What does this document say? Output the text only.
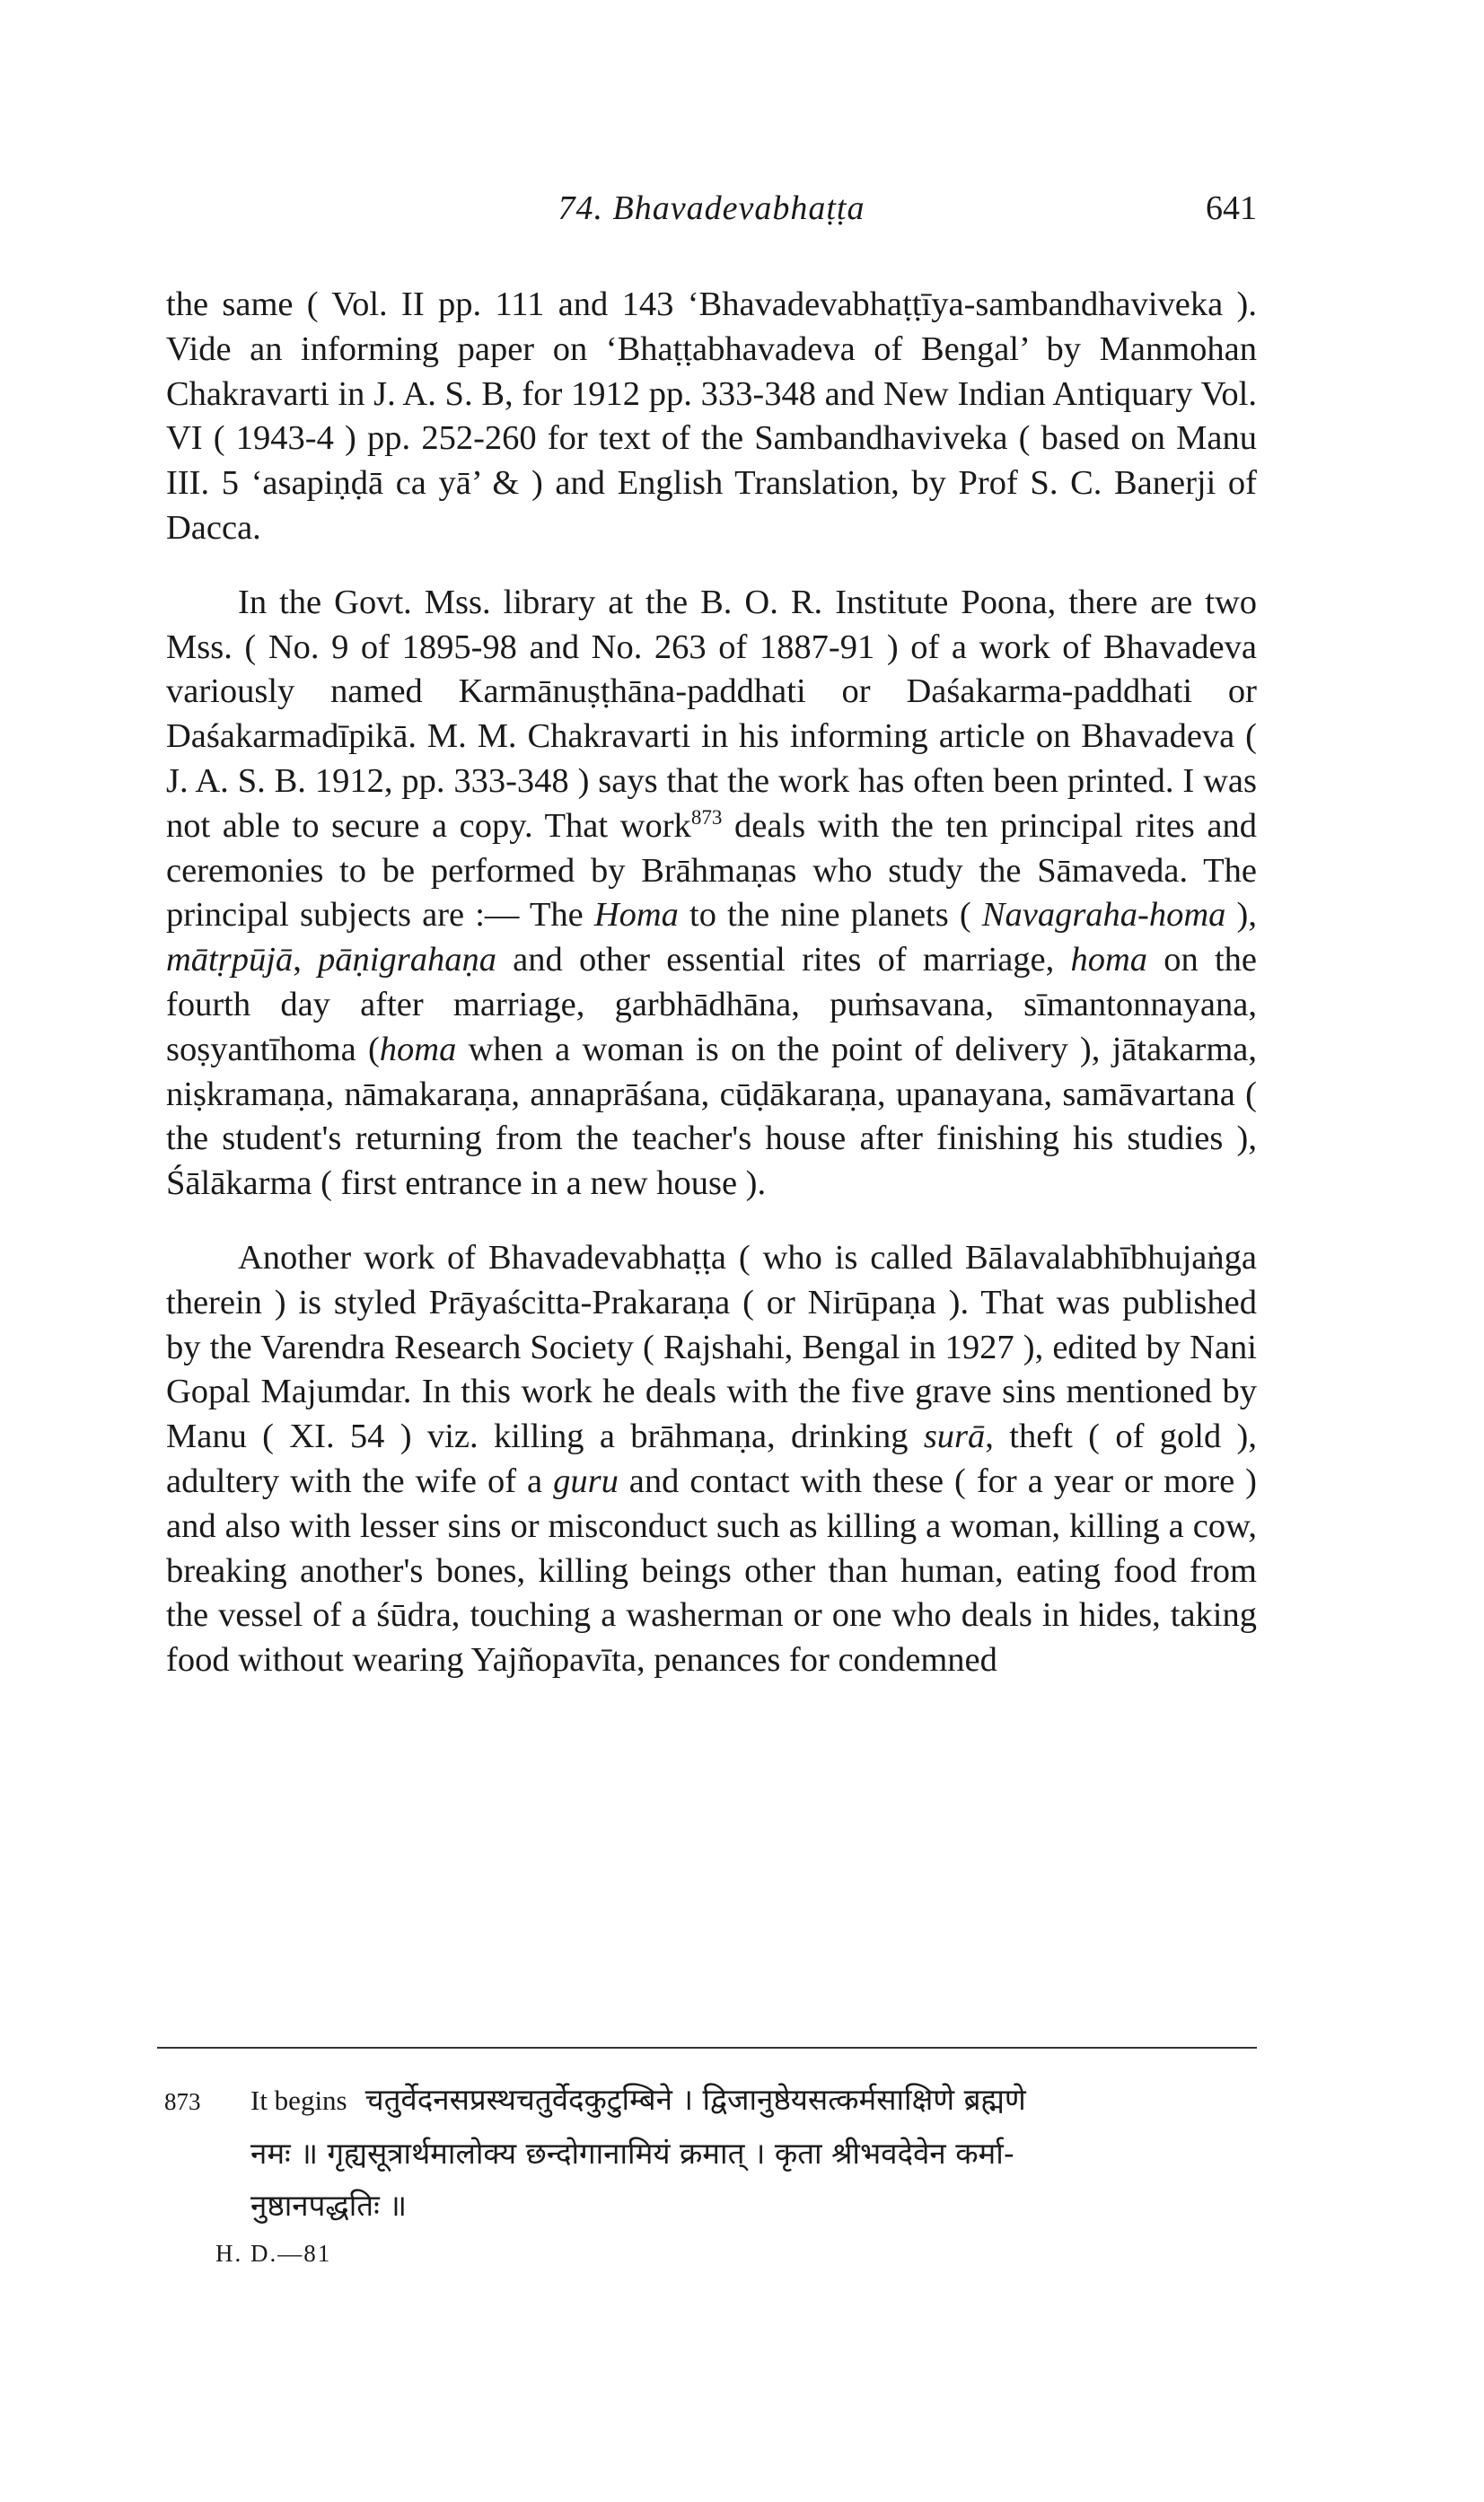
74. Bhavadevabhaṭṭa	641

the same ( Vol. II pp. 111 and 143 ‘Bhavadevabhaṭṭīya-sambandhaviveka ). Vide an informing paper on ‘Bhaṭṭabhavadeva of Bengal’ by Manmohan Chakravarti in J. A. S. B, for 1912 pp. 333-348 and New Indian Antiquary Vol. VI ( 1943-4 ) pp. 252-260 for text of the Sambandhaviveka ( based on Manu III. 5 ‘asapiṇḍā ca yā’ & ) and English Translation, by Prof S. C. Banerji of Dacca.

In the Govt. Mss. library at the B. O. R. Institute Poona, there are two Mss. ( No. 9 of 1895-98 and No. 263 of 1887-91 ) of a work of Bhavadeva variously named Karmānuṣṭhāna-paddhati or Daśakarma-paddhati or Daśakarmadīpikā. M. M. Chakravarti in his informing article on Bhavadeva ( J. A. S. B. 1912, pp. 333-348 ) says that the work has often been printed. I was not able to secure a copy. That work$^{873}$ deals with the ten principal rites and ceremonies to be performed by Brāhmaṇas who study the Sāmaveda. The principal subjects are :— The Homa to the nine planets ( Navagraha-homa ), mātṛpūjā, pāṇigrahaṇa and other essential rites of marriage, homa on the fourth day after marriage, garbhādhāna, puṁsavana, sīmantonnayana, soṣyantīhoma (homa when a woman is on the point of delivery ), jātakarma, niṣkramaṇa, nāmakaraṇa, annaprāśana, cūḍākaraṇa, upanayana, samāvartana ( the student's returning from the teacher's house after finishing his studies ), Śālākarma ( first entrance in a new house ).

Another work of Bhavadevabhaṭṭa ( who is called Bālavalabhībhujaṅga therein ) is styled Prāyaścitta-Prakaraṇa ( or Nirūpaṇa ). That was published by the Varendra Research Society ( Rajshahi, Bengal in 1927 ), edited by Nani Gopal Majumdar. In this work he deals with the five grave sins mentioned by Manu ( XI. 54 ) viz. killing a brāhmaṇa, drinking surā, theft ( of gold ), adultery with the wife of a guru and contact with these ( for a year or more ) and also with lesser sins or misconduct such as killing a woman, killing a cow, breaking another's bones, killing beings other than human, eating food from the vessel of a śūdra, touching a washerman or one who deals in hides, taking food without wearing Yajñopavīta, penances for condemned

873 It begins चतुर्वेदनसप्रस्थचतुर्वेदकुटुम्बिने । द्विजानुष्ठेयसत्कर्मसाक्षिणे ब्रह्मणे
नमः ॥ गृह्यसूत्रार्थमालोक्य छन्दोगानामियं क्रमात् । कृता श्रीभवदेवेन कर्मा-
नुष्ठानपद्धतिः ॥
H. D.—81
